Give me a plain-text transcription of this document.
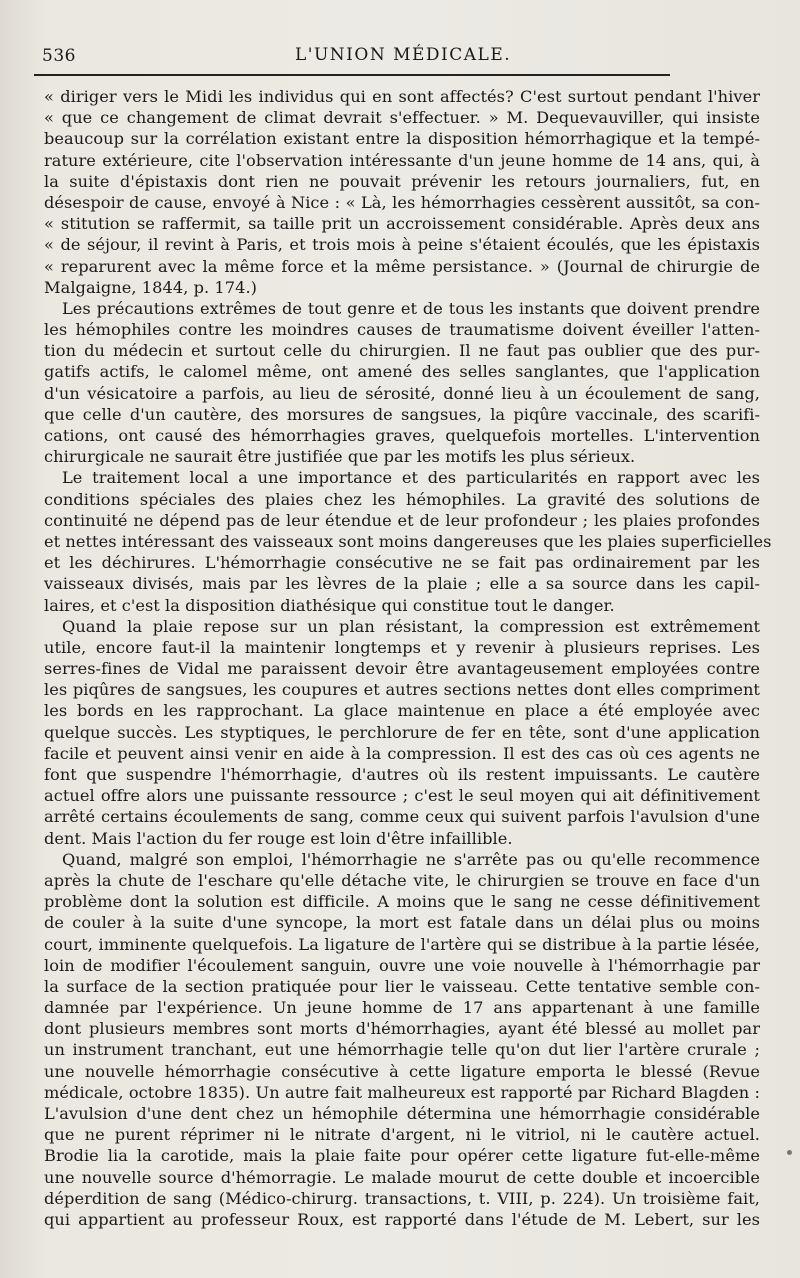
536	L'UNION MÉDICALE.
« diriger vers le Midi les individus qui en sont affectés? C'est surtout pendant l'hiver
« que ce changement de climat devrait s'effectuer. » M. Dequevauviller, qui insiste
beaucoup sur la corrélation existant entre la disposition hémorrhagique et la tempé-
rature extérieure, cite l'observation intéressante d'un jeune homme de 14 ans, qui, à
la suite d'épistaxis dont rien ne pouvait prévenir les retours journaliers, fut, en
désespoir de cause, envoyé à Nice : « Là, les hémorrhagies cessèrent aussitôt, sa con-
« stitution se raffermit, sa taille prit un accroissement considérable. Après deux ans
« de séjour, il revint à Paris, et trois mois à peine s'étaient écoulés, que les épistaxis
« reparurent avec la même force et la même persistance. » (Journal de chirurgie de
Malgaigne, 1844, p. 174.)
Les précautions extrêmes de tout genre et de tous les instants que doivent prendre
les hémophiles contre les moindres causes de traumatisme doivent éveiller l'atten-
tion du médecin et surtout celle du chirurgien. Il ne faut pas oublier que des pur-
gatifs actifs, le calomel même, ont amené des selles sanglantes, que l'application
d'un vésicatoire a parfois, au lieu de sérosité, donné lieu à un écoulement de sang,
que celle d'un cautère, des morsures de sangsues, la piqûre vaccinale, des scarifi-
cations, ont causé des hémorrhagies graves, quelquefois mortelles. L'intervention
chirurgicale ne saurait être justifiée que par les motifs les plus sérieux.
Le traitement local a une importance et des particularités en rapport avec les
conditions spéciales des plaies chez les hémophiles. La gravité des solutions de
continuité ne dépend pas de leur étendue et de leur profondeur ; les plaies profondes
et nettes intéressant des vaisseaux sont moins dangereuses que les plaies superficielles
et les déchirures. L'hémorrhagie consécutive ne se fait pas ordinairement par les
vaisseaux divisés, mais par les lèvres de la plaie ; elle a sa source dans les capil-
laires, et c'est la disposition diathésique qui constitue tout le danger.
Quand la plaie repose sur un plan résistant, la compression est extrêmement
utile, encore faut-il la maintenir longtemps et y revenir à plusieurs reprises. Les
serres-fines de Vidal me paraissent devoir être avantageusement employées contre
les piqûres de sangsues, les coupures et autres sections nettes dont elles compriment
les bords en les rapprochant. La glace maintenue en place a été employée avec
quelque succès. Les styptiques, le perchlorure de fer en tête, sont d'une application
facile et peuvent ainsi venir en aide à la compression. Il est des cas où ces agents ne
font que suspendre l'hémorrhagie, d'autres où ils restent impuissants. Le cautère
actuel offre alors une puissante ressource ; c'est le seul moyen qui ait définitivement
arrêté certains écoulements de sang, comme ceux qui suivent parfois l'avulsion d'une
dent. Mais l'action du fer rouge est loin d'être infaillible.
Quand, malgré son emploi, l'hémorrhagie ne s'arrête pas ou qu'elle recommence
après la chute de l'eschare qu'elle détache vite, le chirurgien se trouve en face d'un
problème dont la solution est difficile. A moins que le sang ne cesse définitivement
de couler à la suite d'une syncope, la mort est fatale dans un délai plus ou moins
court, imminente quelquefois. La ligature de l'artère qui se distribue à la partie lésée,
loin de modifier l'écoulement sanguin, ouvre une voie nouvelle à l'hémorrhagie par
la surface de la section pratiquée pour lier le vaisseau. Cette tentative semble con-
damnée par l'expérience. Un jeune homme de 17 ans appartenant à une famille
dont plusieurs membres sont morts d'hémorrhagies, ayant été blessé au mollet par
un instrument tranchant, eut une hémorrhagie telle qu'on dut lier l'artère crurale ;
une nouvelle hémorrhagie consécutive à cette ligature emporta le blessé (Revue
médicale, octobre 1835). Un autre fait malheureux est rapporté par Richard Blagden :
L'avulsion d'une dent chez un hémophile détermina une hémorrhagie considérable
que ne purent réprimer ni le nitrate d'argent, ni le vitriol, ni le cautère actuel.
Brodie lia la carotide, mais la plaie faite pour opérer cette ligature fut-elle-même
une nouvelle source d'hémorragie. Le malade mourut de cette double et incoercible
déperdition de sang (Médico-chirurg. transactions, t. VIII, p. 224). Un troisième fait,
qui appartient au professeur Roux, est rapporté dans l'étude de M. Lebert, sur les
